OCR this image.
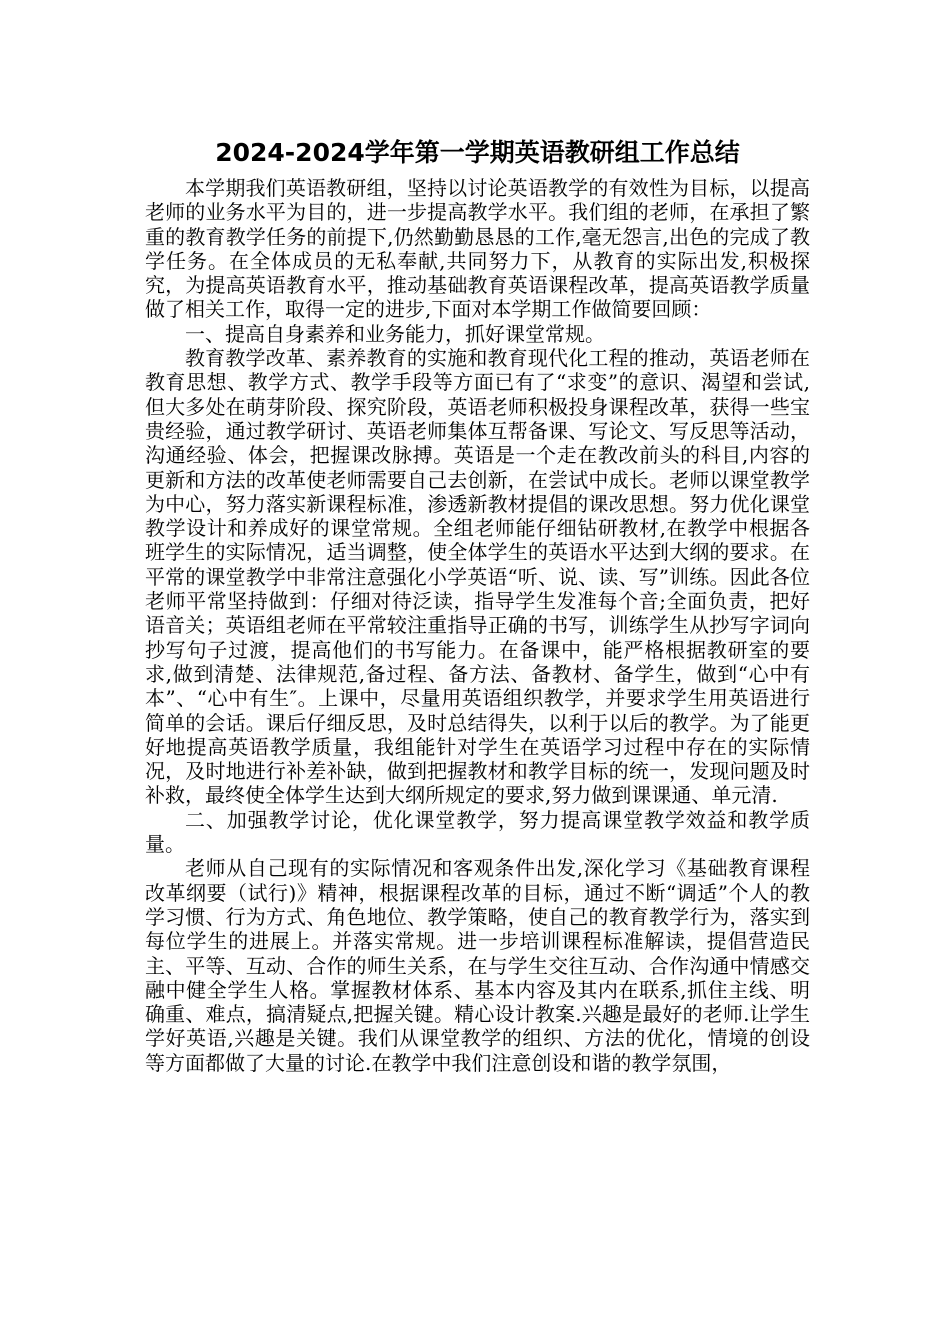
2024-2024学年第一学期英语教研组工作总结

本学期我们英语教研组，坚持以讨论英语教学的有效性为目标，以提高老师的业务水平为目的，进一步提高教学水平。我们组的老师，在承担了繁重的教育教学任务的前提下,仍然勤勤恳恳的工作,毫无怨言,出色的完成了教学任务。在全体成员的无私奉献,共同努力下，从教育的实际出发,积极探究，为提高英语教育水平，推动基础教育英语课程改革，提高英语教学质量做了相关工作，取得一定的进步,下面对本学期工作做简要回顾：

一、提高自身素养和业务能力，抓好课堂常规。

教育教学改革、素养教育的实施和教育现代化工程的推动，英语老师在教育思想、教学方式、教学手段等方面已有了“求变”的意识、渴望和尝试,但大多处在萌芽阶段、探究阶段，英语老师积极投身课程改革，获得一些宝贵经验，通过教学研讨、英语老师集体互帮备课、写论文、写反思等活动，沟通经验、体会，把握课改脉搏。英语是一个走在教改前头的科目,内容的更新和方法的改革使老师需要自己去创新，在尝试中成长。老师以课堂教学为中心，努力落实新课程标准，渗透新教材提倡的课改思想。努力优化课堂教学设计和养成好的课堂常规。全组老师能仔细钻研教材,在教学中根据各班学生的实际情况，适当调整，使全体学生的英语水平达到大纲的要求。在平常的课堂教学中非常注意强化小学英语“听、说、读、写”训练。因此各位老师平常坚持做到：仔细对待泛读，指导学生发准每个音;全面负责，把好语音关；英语组老师在平常较注重指导正确的书写，训练学生从抄写字词向抄写句子过渡，提高他们的书写能力。在备课中，能严格根据教研室的要求,做到清楚、法律规范,备过程、备方法、备教材、备学生，做到“心中有本”、“心中有生″。上课中，尽量用英语组织教学，并要求学生用英语进行简单的会话。课后仔细反思，及时总结得失，以利于以后的教学。为了能更好地提高英语教学质量，我组能针对学生在英语学习过程中存在的实际情况，及时地进行补差补缺，做到把握教材和教学目标的统一，发现问题及时补救，最终使全体学生达到大纲所规定的要求,努力做到课课通、单元清.

二、加强教学讨论，优化课堂教学，努力提高课堂教学效益和教学质量。

老师从自己现有的实际情况和客观条件出发,深化学习《基础教育课程改革纲要（试行)》精神，根据课程改革的目标，通过不断“调适”个人的教学习惯、行为方式、角色地位、教学策略，使自己的教育教学行为，落实到每位学生的进展上。并落实常规。进一步培训课程标准解读，提倡营造民主、平等、互动、合作的师生关系，在与学生交往互动、合作沟通中情感交融中健全学生人格。掌握教材体系、基本内容及其内在联系,抓住主线、明确重、难点，搞清疑点,把握关键。精心设计教案.兴趣是最好的老师.让学生学好英语,兴趣是关键。我们从课堂教学的组织、方法的优化，情境的创设等方面都做了大量的讨论.在教学中我们注意创设和谐的教学氛围，
